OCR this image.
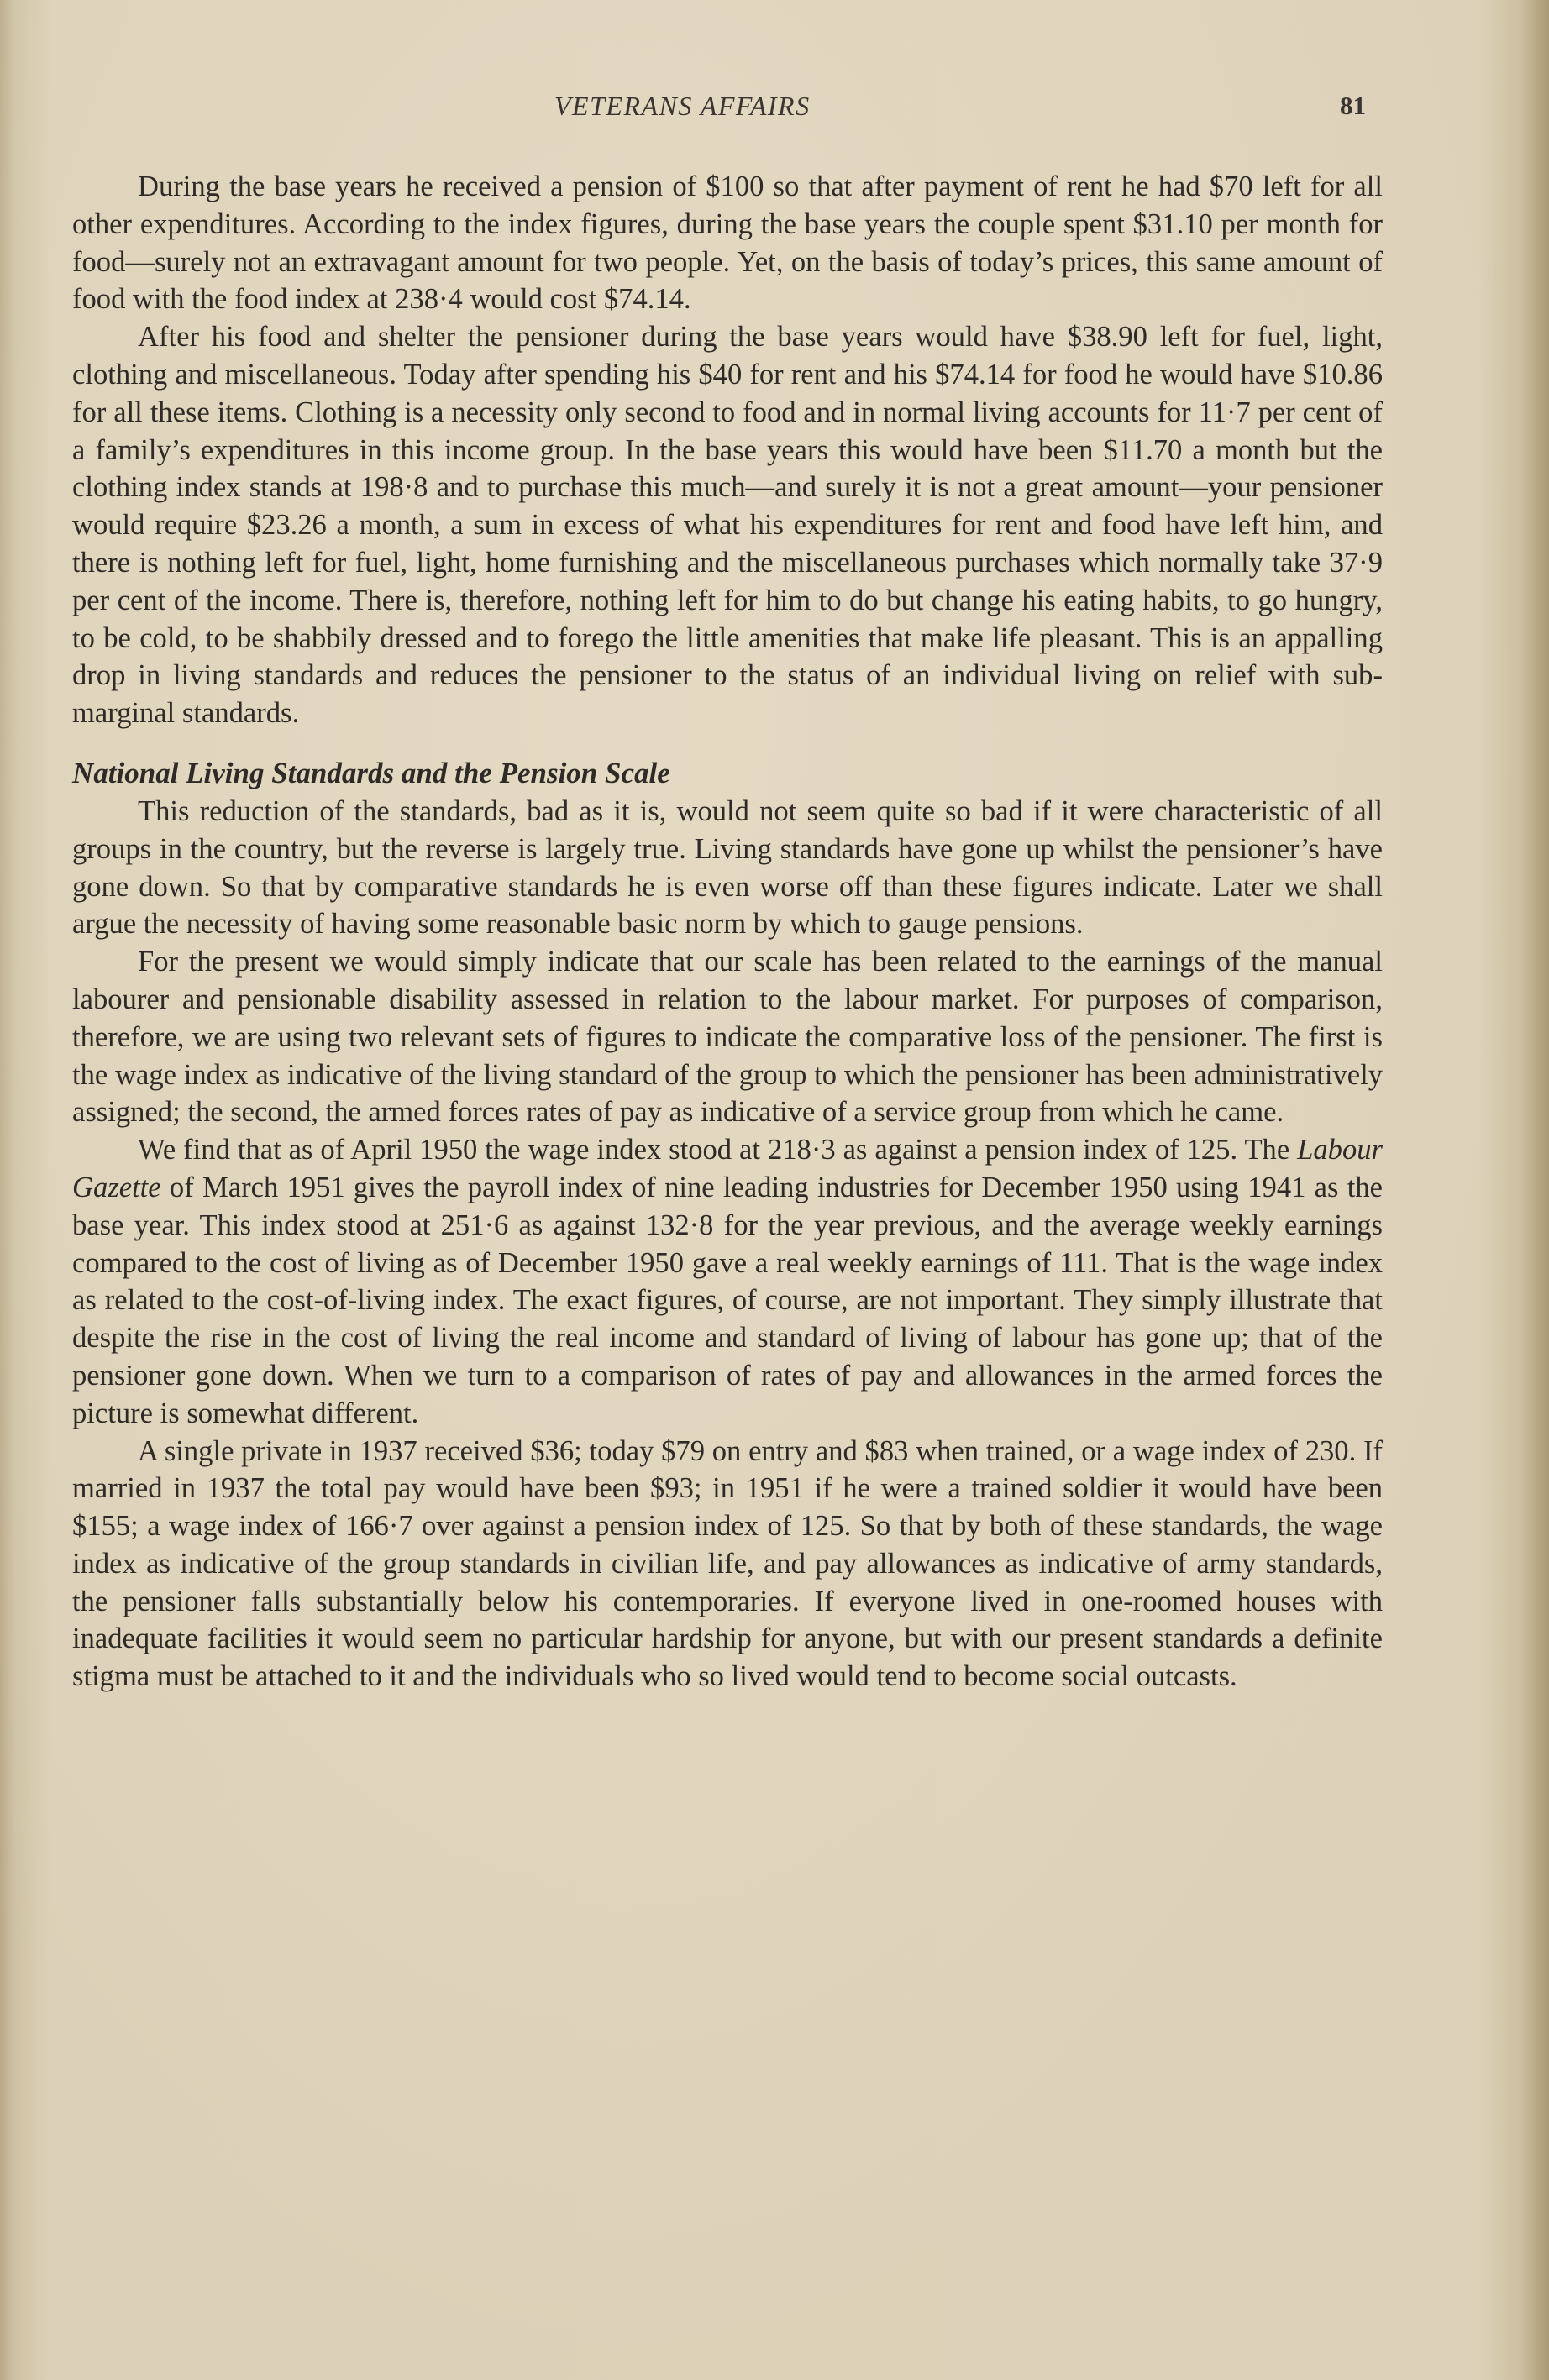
VETERANS AFFAIRS	81

During the base years he received a pension of $100 so that after payment of rent he had $70 left for all other expenditures. According to the index figures, during the base years the couple spent $31.10 per month for food—surely not an extravagant amount for two people. Yet, on the basis of today’s prices, this same amount of food with the food index at 238·4 would cost $74.14.

After his food and shelter the pensioner during the base years would have $38.90 left for fuel, light, clothing and miscellaneous. Today after spending his $40 for rent and his $74.14 for food he would have $10.86 for all these items. Clothing is a necessity only second to food and in normal living accounts for 11·7 per cent of a family’s expenditures in this income group. In the base years this would have been $11.70 a month but the clothing index stands at 198·8 and to purchase this much—and surely it is not a great amount—your pensioner would require $23.26 a month, a sum in excess of what his expenditures for rent and food have left him, and there is nothing left for fuel, light, home furnishing and the miscellaneous purchases which normally take 37·9 per cent of the income. There is, therefore, nothing left for him to do but change his eating habits, to go hungry, to be cold, to be shabbily dressed and to forego the little amenities that make life pleasant. This is an appalling drop in living standards and reduces the pensioner to the status of an individual living on relief with sub-marginal standards.

National Living Standards and the Pension Scale

This reduction of the standards, bad as it is, would not seem quite so bad if it were characteristic of all groups in the country, but the reverse is largely true. Living standards have gone up whilst the pensioner’s have gone down. So that by comparative standards he is even worse off than these figures indicate. Later we shall argue the necessity of having some reasonable basic norm by which to gauge pensions.

For the present we would simply indicate that our scale has been related to the earnings of the manual labourer and pensionable disability assessed in relation to the labour market. For purposes of comparison, therefore, we are using two relevant sets of figures to indicate the comparative loss of the pensioner. The first is the wage index as indicative of the living standard of the group to which the pensioner has been administratively assigned; the second, the armed forces rates of pay as indicative of a service group from which he came.

We find that as of April 1950 the wage index stood at 218·3 as against a pension index of 125. The Labour Gazette of March 1951 gives the payroll index of nine leading industries for December 1950 using 1941 as the base year. This index stood at 251·6 as against 132·8 for the year previous, and the average weekly earnings compared to the cost of living as of December 1950 gave a real weekly earnings of 111. That is the wage index as related to the cost-of-living index. The exact figures, of course, are not important. They simply illustrate that despite the rise in the cost of living the real income and standard of living of labour has gone up; that of the pensioner gone down. When we turn to a comparison of rates of pay and allowances in the armed forces the picture is somewhat different.

A single private in 1937 received $36; today $79 on entry and $83 when trained, or a wage index of 230. If married in 1937 the total pay would have been $93; in 1951 if he were a trained soldier it would have been $155; a wage index of 166·7 over against a pension index of 125. So that by both of these standards, the wage index as indicative of the group standards in civilian life, and pay allowances as indicative of army standards, the pensioner falls substantially below his contemporaries. If everyone lived in one-roomed houses with inadequate facilities it would seem no particular hardship for anyone, but with our present standards a definite stigma must be attached to it and the individuals who so lived would tend to become social outcasts.
